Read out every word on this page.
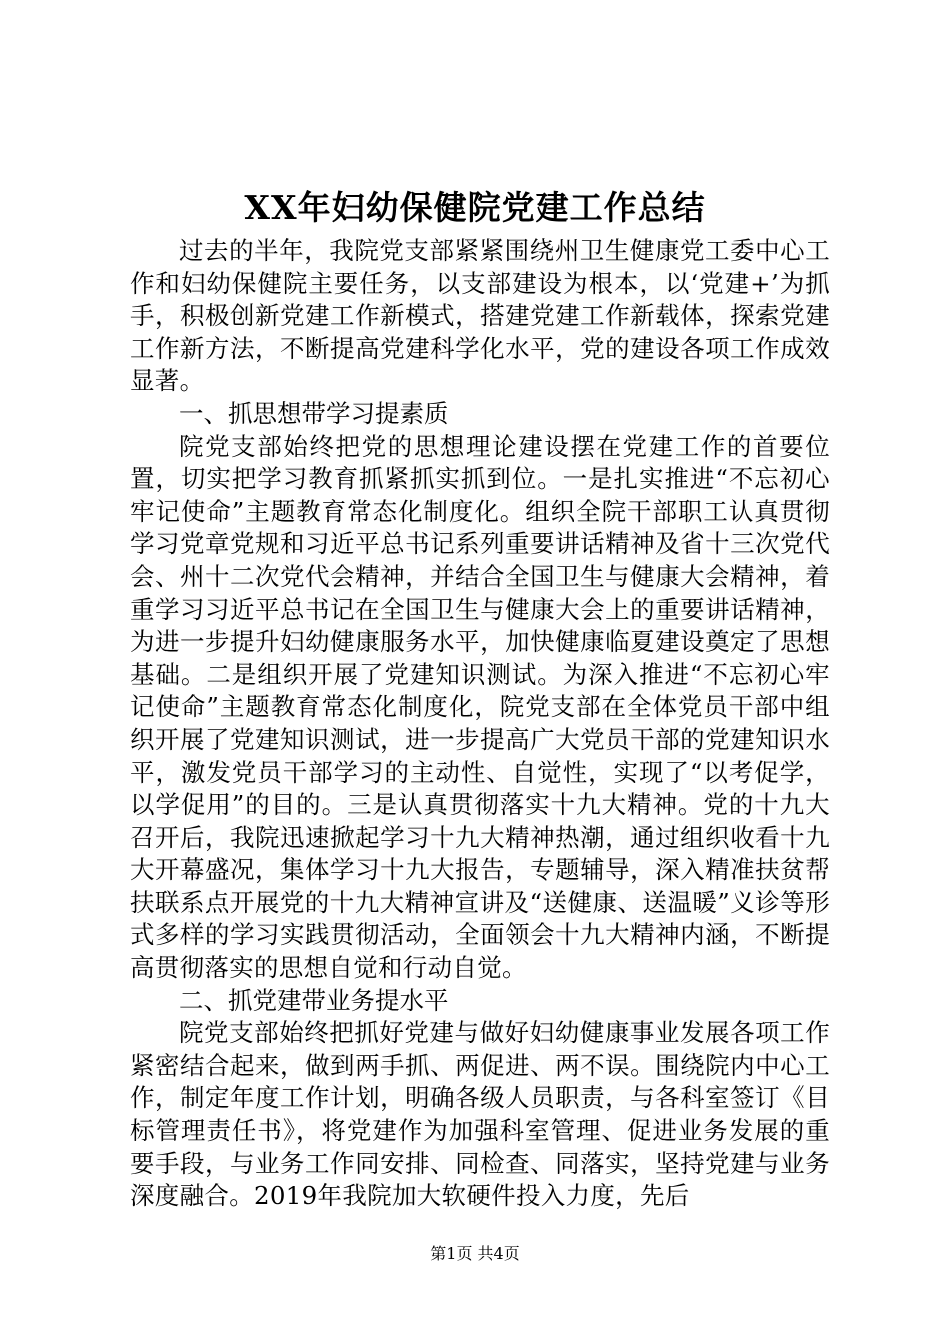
XX年妇幼保健院党建工作总结

过去的半年，我院党支部紧紧围绕州卫生健康党工委中心工作和妇幼保健院主要任务，以支部建设为根本，以‘党建+’为抓手，积极创新党建工作新模式，搭建党建工作新载体，探索党建工作新方法，不断提高党建科学化水平，党的建设各项工作成效显著。

一、抓思想带学习提素质

院党支部始终把党的思想理论建设摆在党建工作的首要位置，切实把学习教育抓紧抓实抓到位。一是扎实推进“不忘初心牢记使命”主题教育常态化制度化。组织全院干部职工认真贯彻学习党章党规和习近平总书记系列重要讲话精神及省十三次党代会、州十二次党代会精神，并结合全国卫生与健康大会精神，着重学习习近平总书记在全国卫生与健康大会上的重要讲话精神，为进一步提升妇幼健康服务水平，加快健康临夏建设奠定了思想基础。二是组织开展了党建知识测试。为深入推进“不忘初心牢记使命”主题教育常态化制度化，院党支部在全体党员干部中组织开展了党建知识测试，进一步提高广大党员干部的党建知识水平，激发党员干部学习的主动性、自觉性，实现了“以考促学，以学促用”的目的。三是认真贯彻落实十九大精神。党的十九大召开后，我院迅速掀起学习十九大精神热潮，通过组织收看十九大开幕盛况，集体学习十九大报告，专题辅导，深入精准扶贫帮扶联系点开展党的十九大精神宣讲及“送健康、送温暖”义诊等形式多样的学习实践贯彻活动，全面领会十九大精神内涵，不断提高贯彻落实的思想自觉和行动自觉。

二、抓党建带业务提水平

院党支部始终把抓好党建与做好妇幼健康事业发展各项工作紧密结合起来，做到两手抓、两促进、两不误。围绕院内中心工作，制定年度工作计划，明确各级人员职责，与各科室签订《目标管理责任书》，将党建作为加强科室管理、促进业务发展的重要手段，与业务工作同安排、同检查、同落实，坚持党建与业务深度融合。2019年我院加大软硬件投入力度，先后

第1页 共4页
